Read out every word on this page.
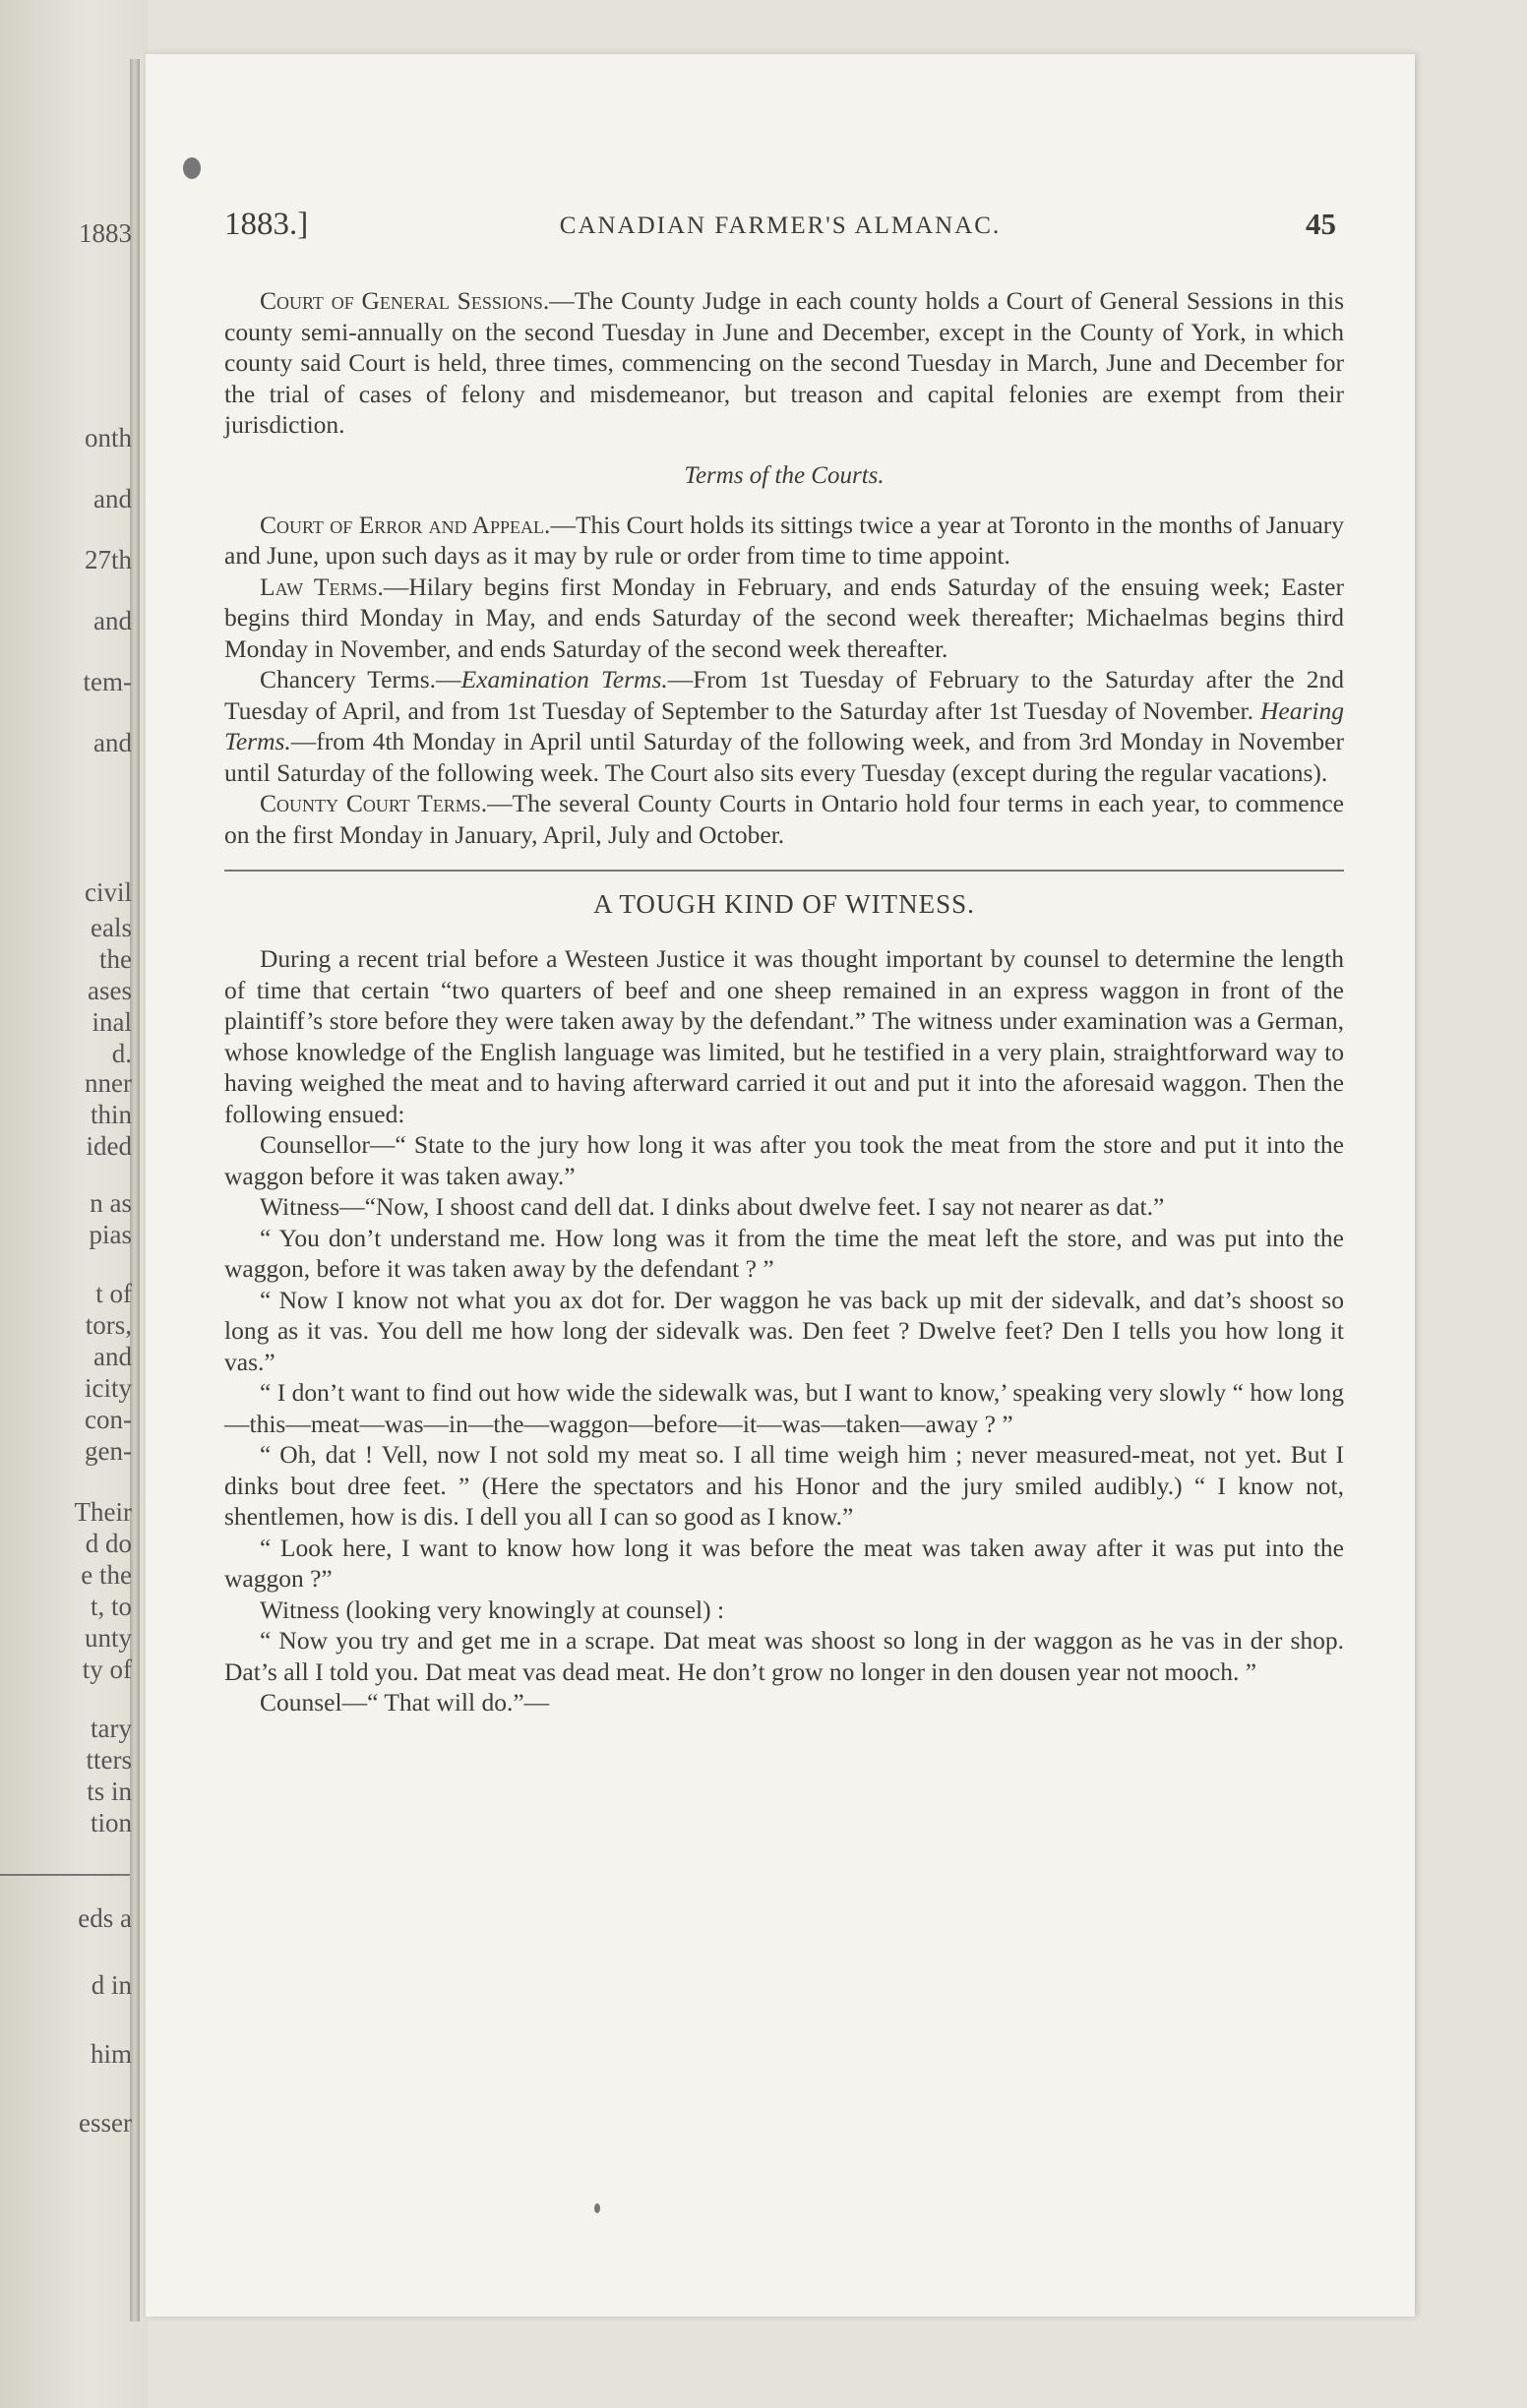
1883
onth
and
27th
and
tem-
and
civil
eals
the
ases
inal
d.
nner
thin
ided
n as
pias
t of
tors,
and
icity
con-
gen-
Their
d do
e the
t, to
unty
ty of
tary
tters
ts in
tion
eds a
d in
him
esser
1883.]	CANADIAN FARMER'S ALMANAC.	45

Court of General Sessions.—The County Judge in each county holds a Court of General Sessions in this county semi-annually on the second Tuesday in June and December, except in the County of York, in which county said Court is held, three times, commencing on the second Tuesday in March, June and December for the trial of cases of felony and misdemeanor, but treason and capital felonies are exempt from their jurisdiction.

Terms of the Courts.

Court of Error and Appeal.—This Court holds its sittings twice a year at Toronto in the months of January and June, upon such days as it may by rule or order from time to time appoint.

Law Terms.—Hilary begins first Monday in February, and ends Saturday of the ensuing week; Easter begins third Monday in May, and ends Saturday of the second week thereafter; Michaelmas begins third Monday in November, and ends Saturday of the second week thereafter.

Chancery Terms.—Examination Terms.—From 1st Tuesday of February to the Saturday after the 2nd Tuesday of April, and from 1st Tuesday of September to the Saturday after 1st Tuesday of November. Hearing Terms.—from 4th Monday in April until Saturday of the following week, and from 3rd Monday in November until Saturday of the following week. The Court also sits every Tuesday (except during the regular vacations).

County Court Terms.—The several County Courts in Ontario hold four terms in each year, to commence on the first Monday in January, April, July and October.

A TOUGH KIND OF WITNESS.

During a recent trial before a Westeen Justice it was thought important by counsel to determine the length of time that certain “two quarters of beef and one sheep remained in an express waggon in front of the plaintiff’s store before they were taken away by the defendant.” The witness under examination was a German, whose knowledge of the English language was limited, but he testified in a very plain, straightforward way to having weighed the meat and to having afterward carried it out and put it into the aforesaid waggon. Then the following ensued:

Counsellor—“ State to the jury how long it was after you took the meat from the store and put it into the waggon before it was taken away.”

Witness—“Now, I shoost cand dell dat. I dinks about dwelve feet. I say not nearer as dat.”

“ You don’t understand me. How long was it from the time the meat left the store, and was put into the waggon, before it was taken away by the defendant ? ”

“ Now I know not what you ax dot for. Der waggon he vas back up mit der sidevalk, and dat’s shoost so long as it vas. You dell me how long der sidevalk was. Den feet ? Dwelve feet? Den I tells you how long it vas.”

“ I don’t want to find out how wide the sidewalk was, but I want to know,’ speaking very slowly “ how long—this—meat—was—in—the—waggon—before—it—was—taken—away ? ”

“ Oh, dat ! Vell, now I not sold my meat so. I all time weigh him ; never measured-meat, not yet. But I dinks bout dree feet. ” (Here the spectators and his Honor and the jury smiled audibly.) “ I know not, shentlemen, how is dis. I dell you all I can so good as I know.”

“ Look here, I want to know how long it was before the meat was taken away after it was put into the waggon ?”

Witness (looking very knowingly at counsel) :

“ Now you try and get me in a scrape. Dat meat was shoost so long in der waggon as he vas in der shop. Dat’s all I told you. Dat meat vas dead meat. He don’t grow no longer in den dousen year not mooch. ”

Counsel—“ That will do.”—
